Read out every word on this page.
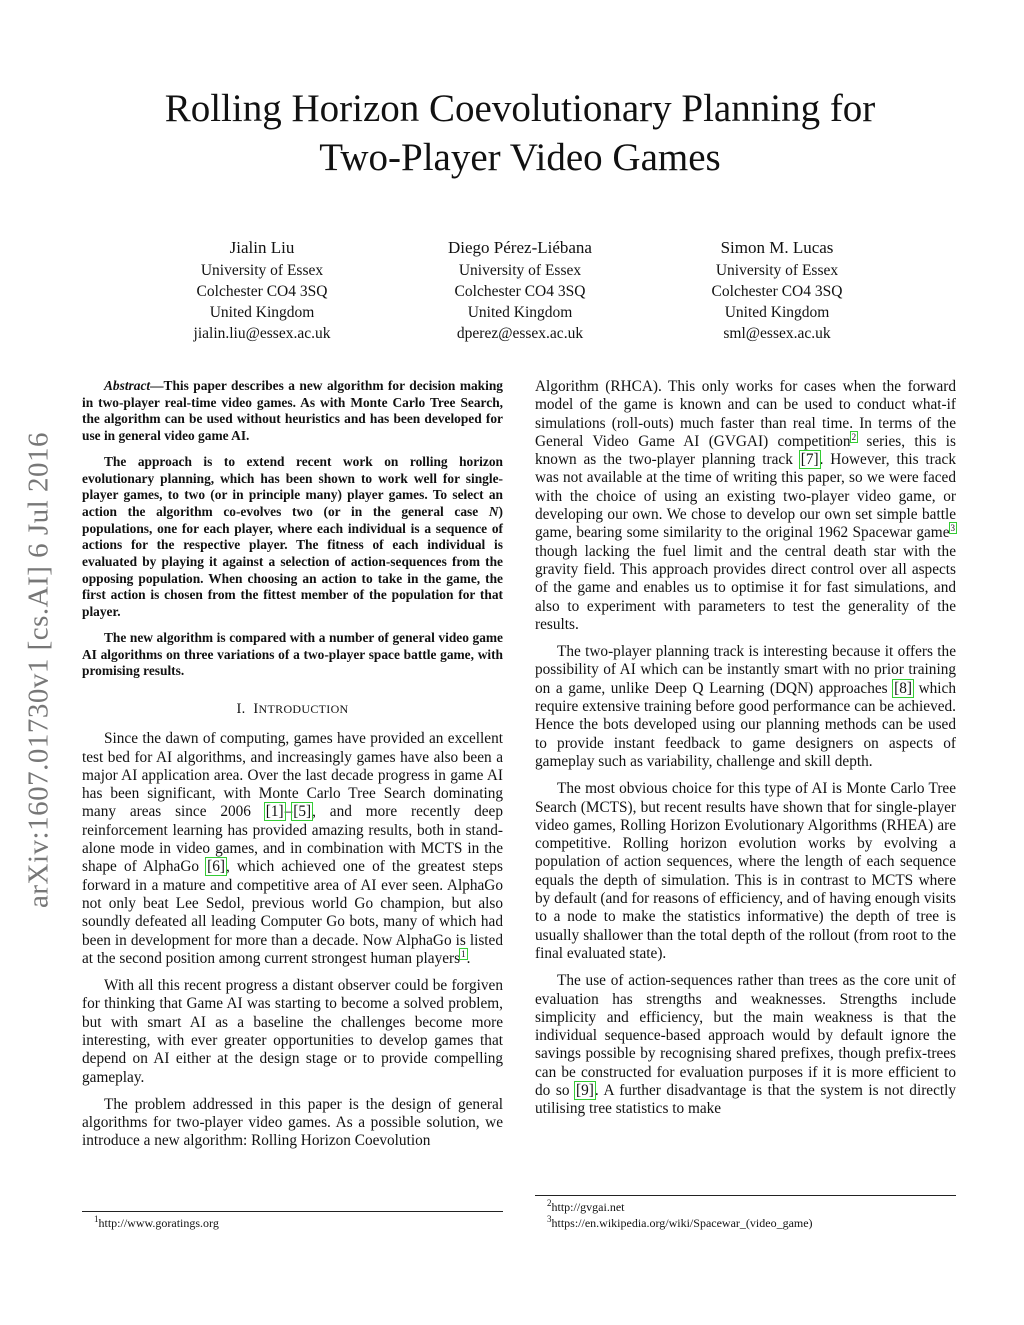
arXiv:1607.01730v1 [cs.AI] 6 Jul 2016
Rolling Horizon Coevolutionary Planning for
Two-Player Video Games
Jialin Liu
University of Essex
Colchester CO4 3SQ
United Kingdom
jialin.liu@essex.ac.uk
Diego Pérez-Liébana
University of Essex
Colchester CO4 3SQ
United Kingdom
dperez@essex.ac.uk
Simon M. Lucas
University of Essex
Colchester CO4 3SQ
United Kingdom
sml@essex.ac.uk

Abstract—This paper describes a new algorithm for decision making in two-player real-time video games. As with Monte Carlo Tree Search, the algorithm can be used without heuristics and has been developed for use in general video game AI.

The approach is to extend recent work on rolling horizon evolutionary planning, which has been shown to work well for single-player games, to two (or in principle many) player games. To select an action the algorithm co-evolves two (or in the general case N) populations, one for each player, where each individual is a sequence of actions for the respective player. The fitness of each individual is evaluated by playing it against a selection of action-sequences from the opposing population. When choosing an action to take in the game, the first action is chosen from the fittest member of the population for that player.

The new algorithm is compared with a number of general video game AI algorithms on three variations of a two-player space battle game, with promising results.

I. INTRODUCTION

Since the dawn of computing, games have provided an excellent test bed for AI algorithms, and increasingly games have also been a major AI application area. Over the last decade progress in game AI has been significant, with Monte Carlo Tree Search dominating many areas since 2006 [1]–[5], and more recently deep reinforcement learning has provided amazing results, both in stand-alone mode in video games, and in combination with MCTS in the shape of AlphaGo [6], which achieved one of the greatest steps forward in a mature and competitive area of AI ever seen. AlphaGo not only beat Lee Sedol, previous world Go champion, but also soundly defeated all leading Computer Go bots, many of which had been in development for more than a decade. Now AlphaGo is listed at the second position among current strongest human players$^1$.

With all this recent progress a distant observer could be forgiven for thinking that Game AI was starting to become a solved problem, but with smart AI as a baseline the challenges become more interesting, with ever greater opportunities to develop games that depend on AI either at the design stage or to provide compelling gameplay.

The problem addressed in this paper is the design of general algorithms for two-player video games. As a possible solution, we introduce a new algorithm: Rolling Horizon Coevolution

Algorithm (RHCA). This only works for cases when the forward model of the game is known and can be used to conduct what-if simulations (roll-outs) much faster than real time. In terms of the General Video Game AI (GVGAI) competition$^2$ series, this is known as the two-player planning track [7]. However, this track was not available at the time of writing this paper, so we were faced with the choice of using an existing two-player video game, or developing our own. We chose to develop our own set simple battle game, bearing some similarity to the original 1962 Spacewar game$^3$ though lacking the fuel limit and the central death star with the gravity field. This approach provides direct control over all aspects of the game and enables us to optimise it for fast simulations, and also to experiment with parameters to test the generality of the results.

The two-player planning track is interesting because it offers the possibility of AI which can be instantly smart with no prior training on a game, unlike Deep Q Learning (DQN) approaches [8] which require extensive training before good performance can be achieved. Hence the bots developed using our planning methods can be used to provide instant feedback to game designers on aspects of gameplay such as variability, challenge and skill depth.

The most obvious choice for this type of AI is Monte Carlo Tree Search (MCTS), but recent results have shown that for single-player video games, Rolling Horizon Evolutionary Algorithms (RHEA) are competitive. Rolling horizon evolution works by evolving a population of action sequences, where the length of each sequence equals the depth of simulation. This is in contrast to MCTS where by default (and for reasons of efficiency, and of having enough visits to a node to make the statistics informative) the depth of tree is usually shallower than the total depth of the rollout (from root to the final evaluated state).

The use of action-sequences rather than trees as the core unit of evaluation has strengths and weaknesses. Strengths include simplicity and efficiency, but the main weakness is that the individual sequence-based approach would by default ignore the savings possible by recognising shared prefixes, though prefix-trees can be constructed for evaluation purposes if it is more efficient to do so [9]. A further disadvantage is that the system is not directly utilising tree statistics to make

$^1$http://www.goratings.org
$^2$http://gvgai.net
$^3$https://en.wikipedia.org/wiki/Spacewar_(video_game)
